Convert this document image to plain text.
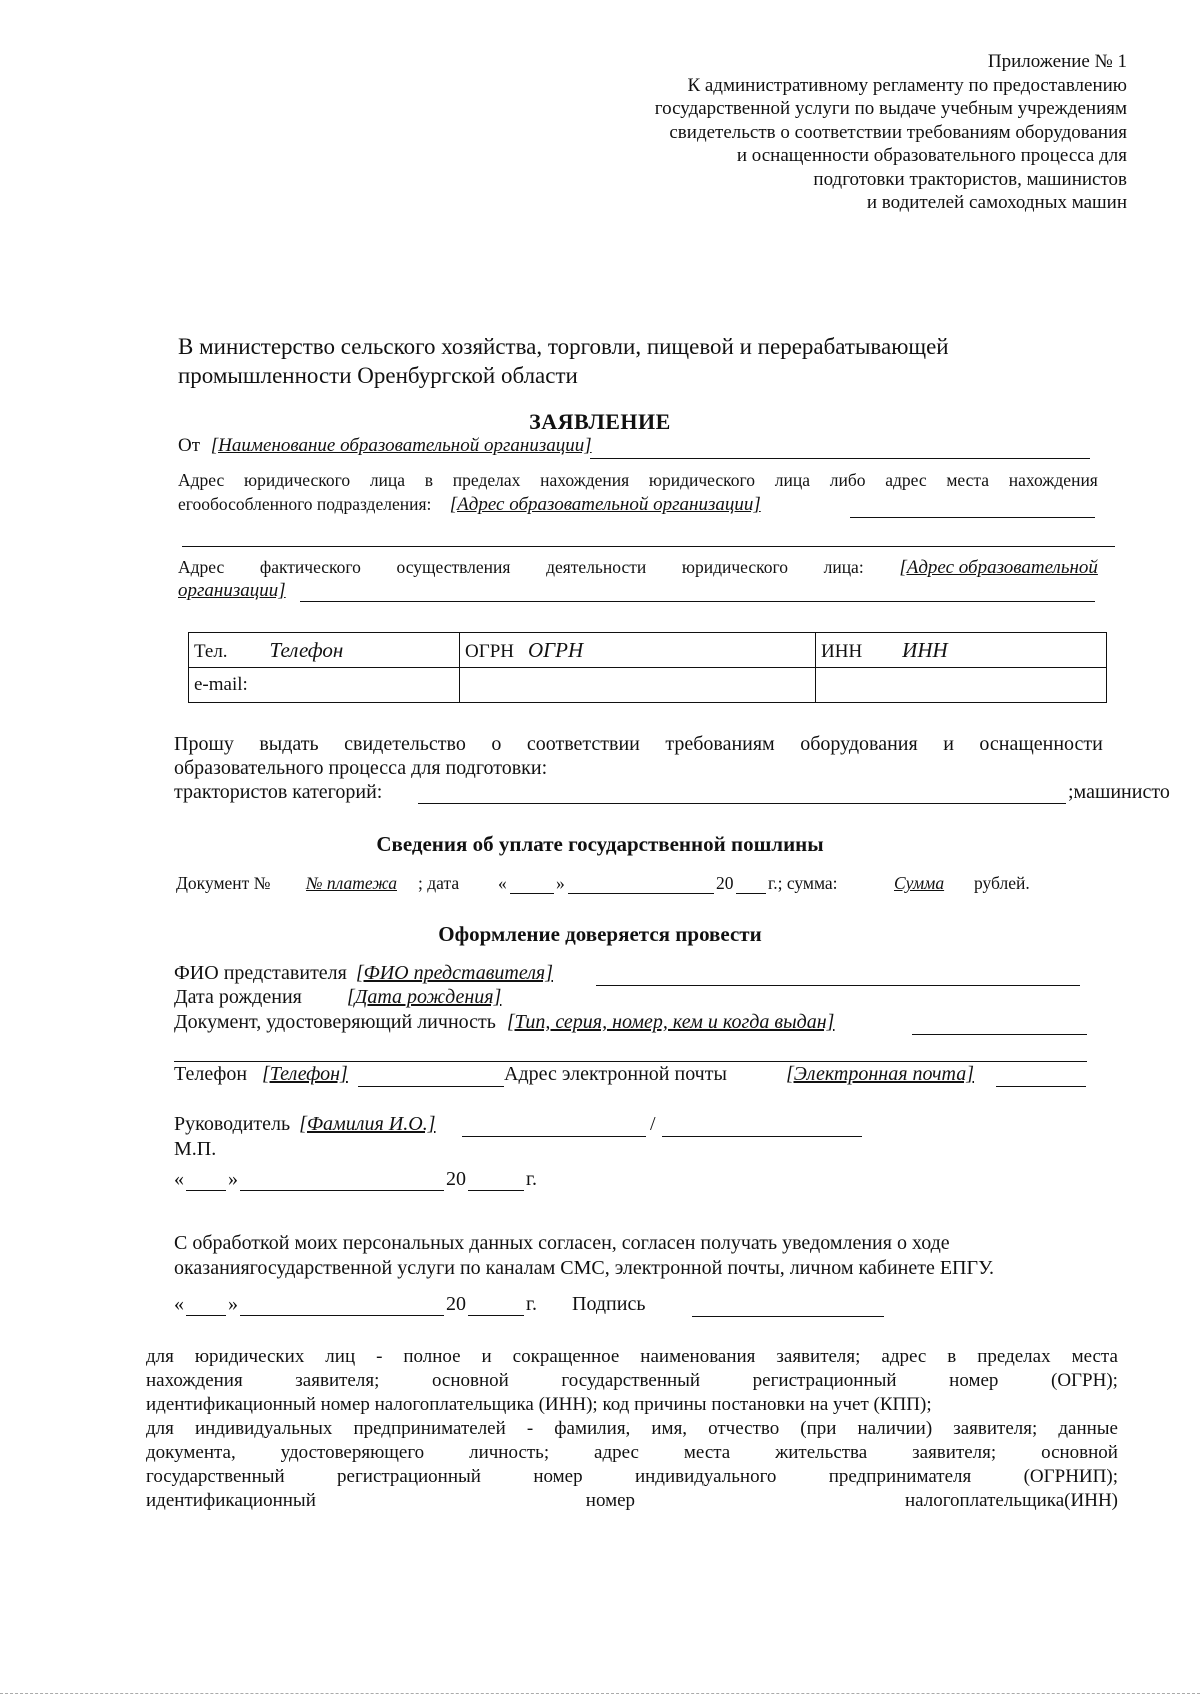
Приложение № 1
К административному регламенту по предоставлению
государственной услуги по выдаче учебным учреждениям
свидетельств о соответствии требованиям оборудования
и оснащенности образовательного процесса для
подготовки трактористов, машинистов
и водителей самоходных машин
В министерство сельского хозяйства, торговли, пищевой и перерабатывающей
промышленности Оренбургской области
ЗАЯВЛЕНИЕ
От [Наименование образовательной организации]
Адрес юридического лица в пределах нахождения юридического лица либо адрес места нахождения
егообособленного подразделения: [Адрес образовательной организации]
Адрес фактического осуществления деятельности юридического лица: [Адрес образовательной
организации]
Тел. Телефон	ОГРН ОГРН	ИНН ИНН
e-mail:		
Прошу выдать свидетельство о соответствии требованиям оборудования и оснащенности
образовательного процесса для подготовки:
трактористов категорий:	;машинисто
Сведения об уплате государственной пошлины
Документ № № платежа ; дата «	»	20 г.; сумма:	Сумма	рублей.
Оформление доверяется провести
ФИО представителя [ФИО представителя]
Дата рождения [Дата рождения]
Документ, удостоверяющий личность [Тип, серия, номер, кем и когда выдан]
Телефон [Телефон]	Адрес электронной почты	[Электронная почта]
Руководитель [Фамилия И.О.]	/
М.П.
« »	20	г.
С обработкой моих персональных данных согласен, согласен получать уведомления о ходе
оказаниягосударственной услуги по каналам СМС, электронной почты, личном кабинете ЕПГУ.
« »	20	г. Подпись
для юридических лиц - полное и сокращенное наименования заявителя; адрес в пределах места
нахождения	заявителя;	основной	государственный	регистрационный	номер	(ОГРН);
идентификационный номер налогоплательщика (ИНН); код причины постановки на учет (КПП);
для индивидуальных предпринимателей - фамилия, имя, отчество (при наличии) заявителя; данные
документа, удостоверяющего личность; адрес места жительства заявителя; основной
государственный	регистрационный	номер	индивидуального	предпринимателя	(ОГРНИП);
идентификационный	номер	налогоплательщика(ИНН)
